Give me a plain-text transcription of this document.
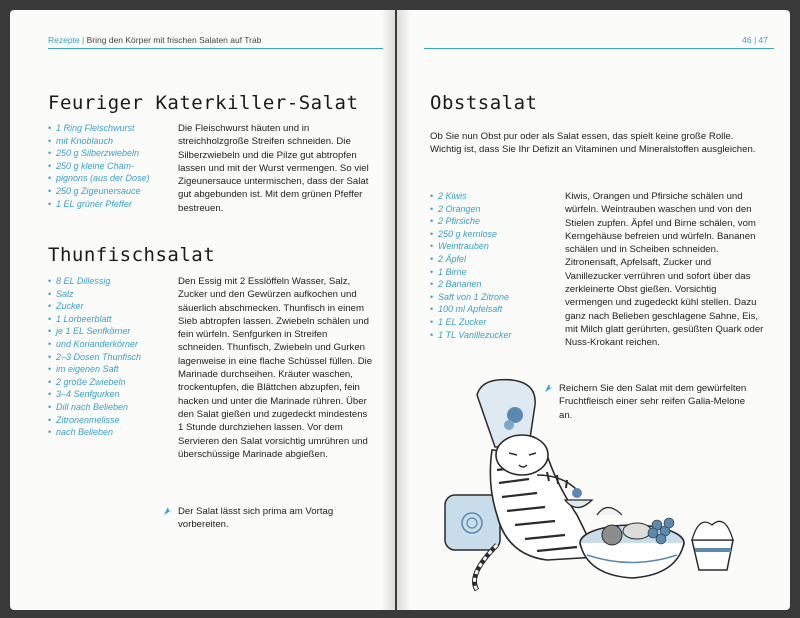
Rezepte | Bring den Körper mit frischen Salaten auf Trab
Feuriger Katerkiller-Salat
• 1 Ring Fleischwurst
• mit Knoblauch
• 250 g Silberzwiebeln
• 250 g kleine Cham-
• pignons (aus der Dose)
• 250 g Zigeunersauce
• 1 EL grüner Pfeffer

Die Fleischwurst häuten und in streichholzgroße Streifen schneiden. Die Silberzwiebeln und die Pilze gut abtropfen lassen und mit der Wurst vermengen. So viel Zigeunersauce untermischen, dass der Salat gut abgebunden ist. Mit dem grünen Pfeffer bestreuen.

Thunfischsalat
• 8 EL Dillessig
• Salz
• Zucker
• 1 Lorbeerblatt
• je 1 EL Senfkörner
• und Korianderkörner
• 2–3 Dosen Thunfisch
• im eigenen Saft
• 2 große Zwiebeln
• 3–4 Senfgurken
• Dill nach Belieben
• Zitronenmelisse
• nach Belieben

Den Essig mit 2 Esslöffeln Wasser, Salz, Zucker und den Gewürzen aufkochen und säuerlich abschmecken. Thunfisch in einem Sieb abtropfen lassen. Zwiebeln schälen und fein würfeln. Senfgurken in Streifen schneiden. Thunfisch, Zwiebeln und Gurken lagenweise in eine flache Schüssel füllen. Die Marinade durchseihen. Kräuter waschen, trockentupfen, die Blättchen abzupfen, fein hacken und unter die Marinade rühren. Über den Salat gießen und zugedeckt mindestens 1 Stunde durchziehen lassen. Vor dem Servieren den Salat vorsichtig umrühren und überschüssige Marinade abgießen.

Der Salat lässt sich prima am Vortag vorbereiten.
46 | 47
Obstsalat

Ob Sie nun Obst pur oder als Salat essen, das spielt keine große Rolle. Wichtig ist, dass Sie Ihr Defizit an Vitaminen und Mineralstoffen ausgleichen.

• 2 Kiwis
• 2 Orangen
• 2 Pfirsiche
• 250 g kernlose
• Weintrauben
• 2 Äpfel
• 1 Birne
• 2 Bananen
• Saft von 1 Zitrone
• 100 ml Apfelsaft
• 1 EL Zucker
• 1 TL Vanillezucker

Kiwis, Orangen und Pfirsiche schälen und würfeln. Weintrauben waschen und von den Stielen zupfen. Äpfel und Birne schälen, vom Kerngehäuse befreien und würfeln. Bananen schälen und in Scheiben schneiden. Zitronensaft, Apfelsaft, Zucker und Vanillezucker verrühren und sofort über das zerkleinerte Obst gießen. Vorsichtig vermengen und zugedeckt kühl stellen. Dazu ganz nach Belieben geschlagene Sahne, Eis, mit Milch glatt gerührten, gesüßten Quark oder Nuss-Krokant reichen.

Reichern Sie den Salat mit dem gewürfelten Fruchtfleisch einer sehr reifen Galia-Melone an.
